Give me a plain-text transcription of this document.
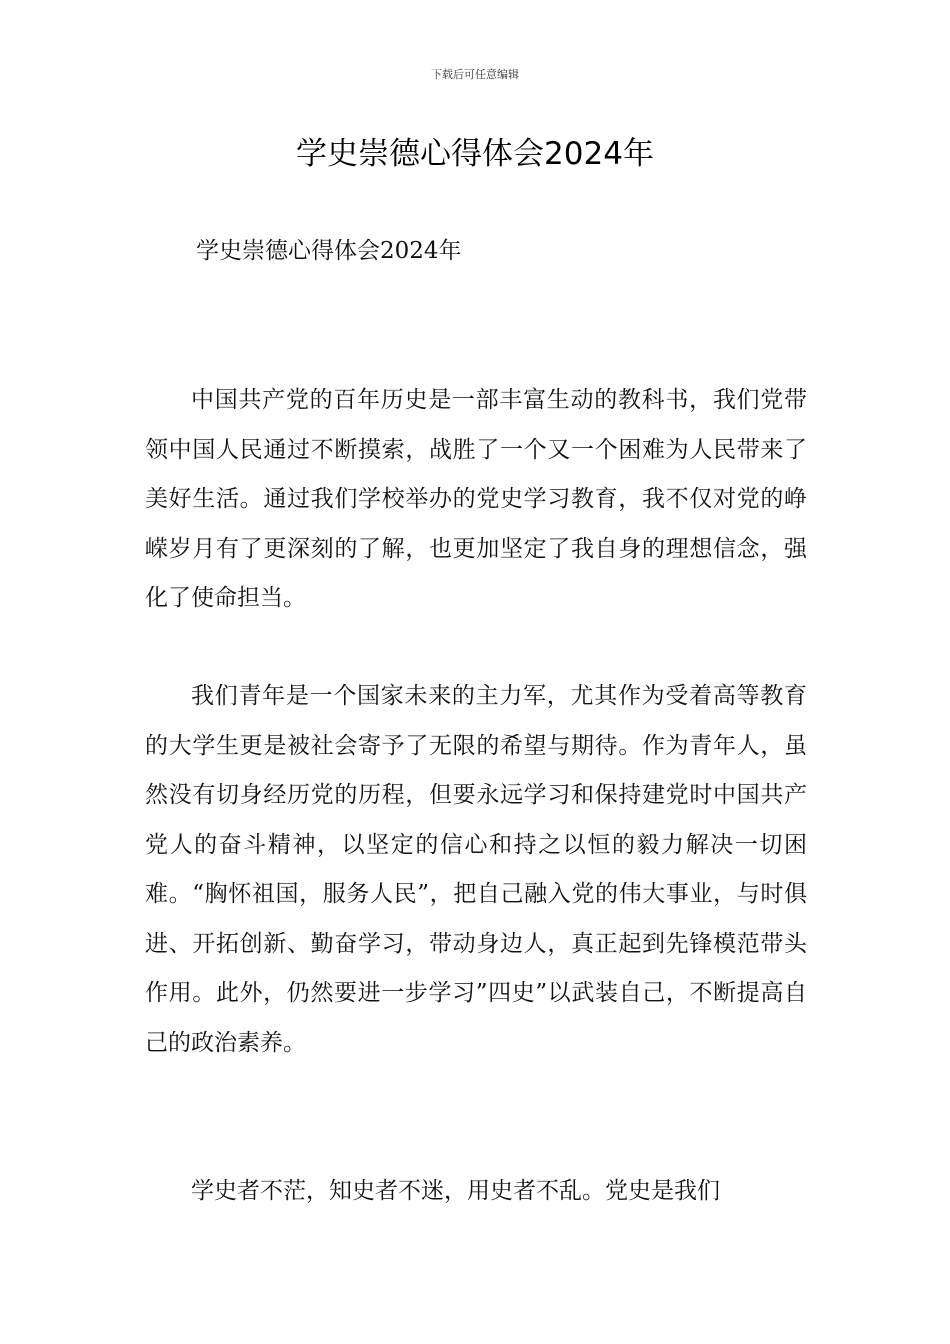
下载后可任意编辑
学史崇德心得体会2024年
学史崇德心得体会2024年

中国共产党的百年历史是一部丰富生动的教科书，我们党带领中国人民通过不断摸索，战胜了一个又一个困难为人民带来了美好生活。通过我们学校举办的党史学习教育，我不仅对党的峥嵘岁月有了更深刻的了解，也更加坚定了我自身的理想信念，强化了使命担当。

我们青年是一个国家未来的主力军，尤其作为受着高等教育的大学生更是被社会寄予了无限的希望与期待。作为青年人，虽然没有切身经历党的历程，但要永远学习和保持建党时中国共产党人的奋斗精神，以坚定的信心和持之以恒的毅力解决一切困难。“胸怀祖国，服务人民”，把自己融入党的伟大事业，与时俱进、开拓创新、勤奋学习，带动身边人，真正起到先锋模范带头作用。此外，仍然要进一步学习”四史”以武装自己，不断提高自己的政治素养。

学史者不茫，知史者不迷，用史者不乱。党史是我们
